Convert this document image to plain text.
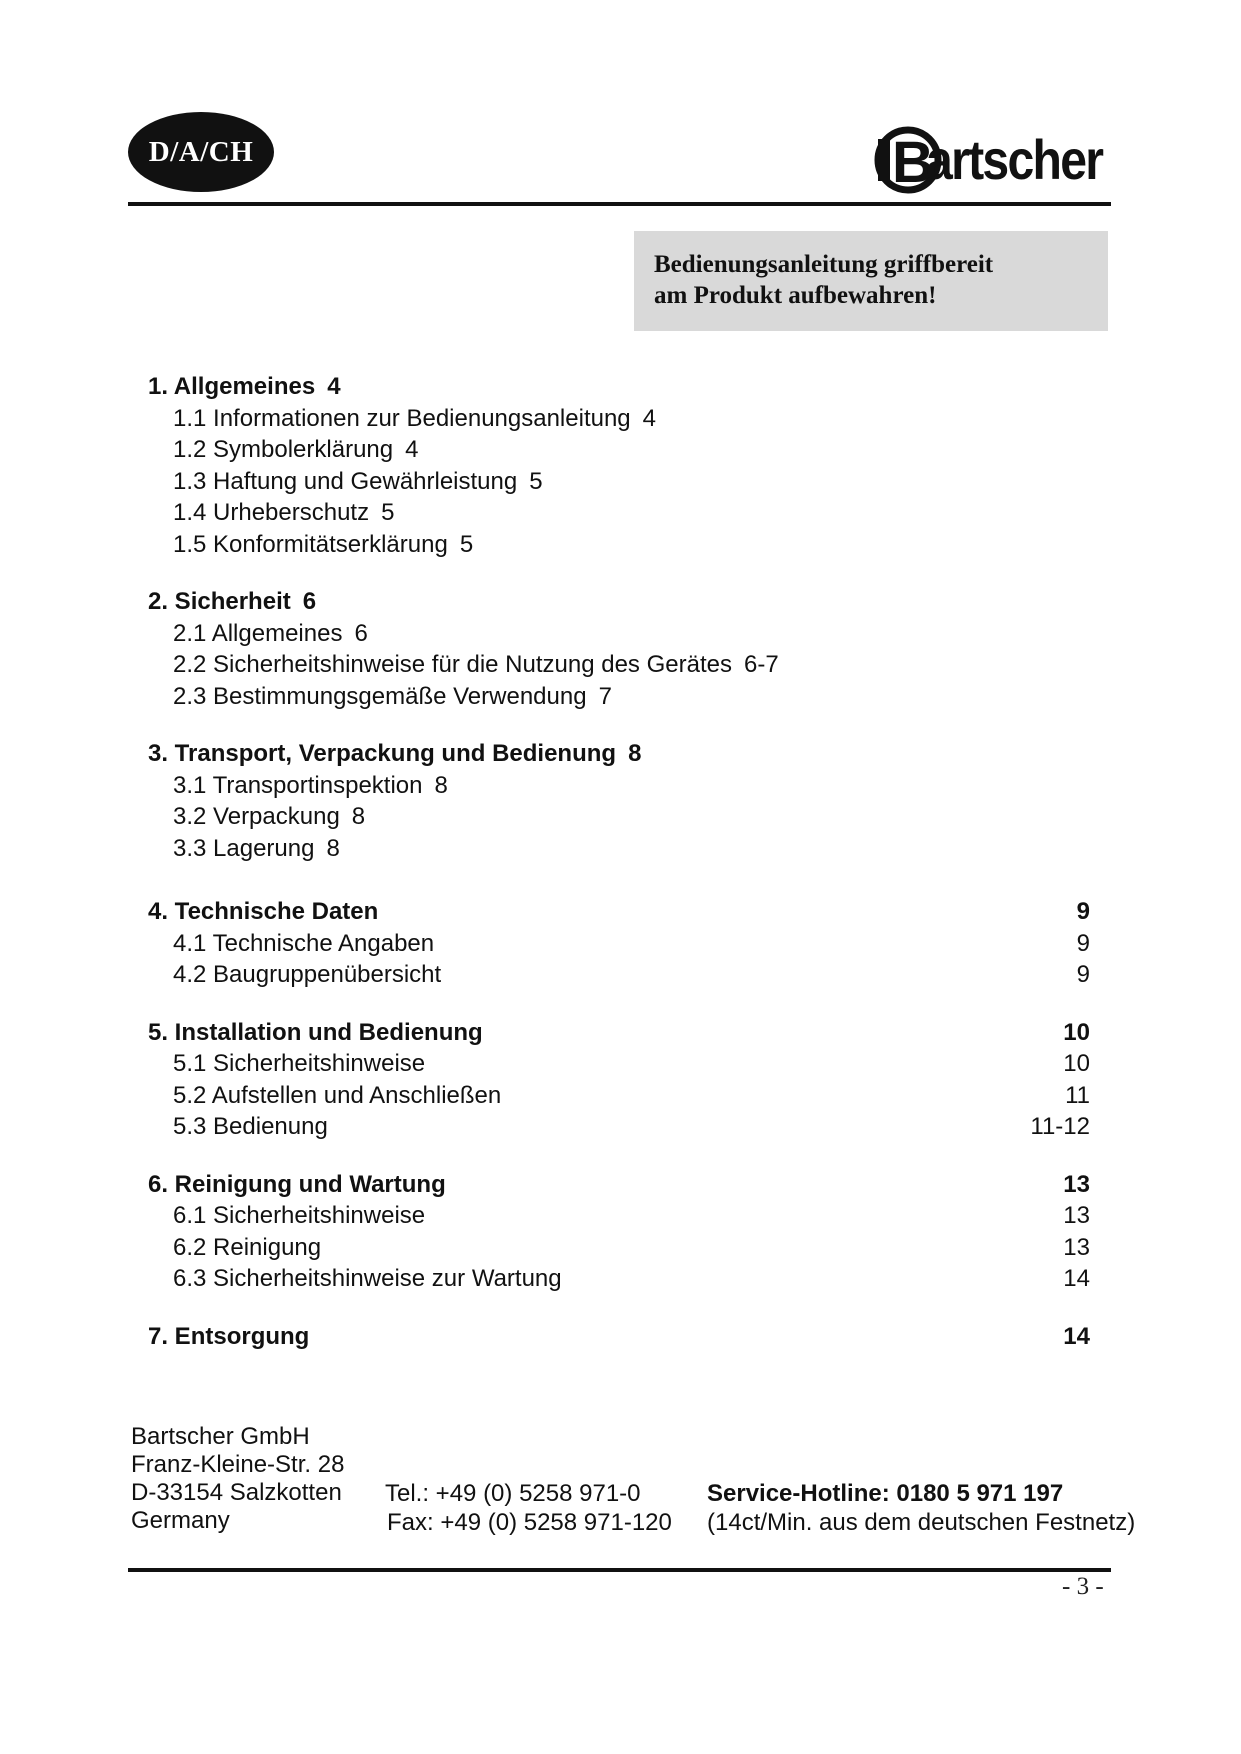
D/A/CH	B
artscher
Bedienungsanleitung griffbereit
am Produkt aufbewahren!
1. Allgemeines 4
1.1 Informationen zur Bedienungsanleitung 4
1.2 Symbolerklärung 4
1.3 Haftung und Gewährleistung 5
1.4 Urheberschutz 5
1.5 Konformitätserklärung 5
2. Sicherheit 6
2.1 Allgemeines 6
2.2 Sicherheitshinweise für die Nutzung des Gerätes 6-7
2.3 Bestimmungsgemäße Verwendung 7
3. Transport, Verpackung und Bedienung 8
3.1 Transportinspektion 8
3.2 Verpackung 8
3.3 Lagerung 8
4. Technische Daten	9
4.1 Technische Angaben	9
4.2 Baugruppenübersicht	9
5. Installation und Bedienung	10
5.1 Sicherheitshinweise	10
5.2 Aufstellen und Anschließen	11
5.3 Bedienung	11-12
6. Reinigung und Wartung	13
6.1 Sicherheitshinweise	13
6.2 Reinigung	13
6.3 Sicherheitshinweise zur Wartung	14
7. Entsorgung	14
Bartscher GmbH
Franz-Kleine-Str. 28
D-33154 Salzkotten
Germany
Tel.: +49 (0) 5258 971-0
Fax: +49 (0) 5258 971-120
Service-Hotline: 0180 5 971 197
(14ct/Min. aus dem deutschen Festnetz)
- 3 -
